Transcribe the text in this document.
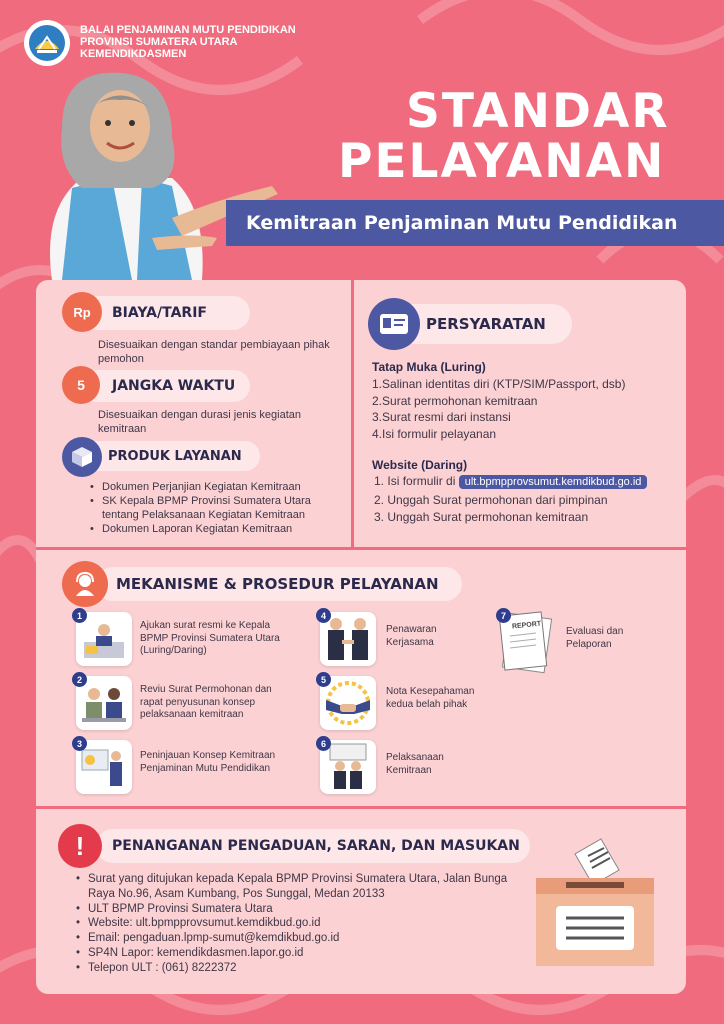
BALAI PENJAMINAN MUTU PENDIDIKAN
PROVINSI SUMATERA UTARA
KEMENDIKDASMEN
STANDAR
PELAYANAN
Kemitraan Penjaminan Mutu Pendidikan
BIAYA/TARIF
Rp
Disesuaikan dengan standar pembiayaan pihak pemohon
JANGKA WAKTU
5
Disesuaikan dengan durasi jenis kegiatan kemitraan
PRODUK LAYANAN
• Dokumen Perjanjian Kegiatan Kemitraan
• SK Kepala BPMP Provinsi Sumatera Utara tentang Pelaksanaan Kegiatan Kemitraan
• Dokumen Laporan Kegiatan Kemitraan
PERSYARATAN
Tatap Muka (Luring)
1.Salinan identitas diri (KTP/SIM/Passport, dsb)
2.Surat permohonan kemitraan
3.Surat resmi dari instansi
4.Isi formulir pelayanan
Website (Daring)
1. Isi formulir di ult.bpmpprovsumut.kemdikbud.go.id
2. Unggah Surat permohonan dari pimpinan
3. Unggah Surat permohonan kemitraan
MEKANISME & PROSEDUR PELAYANAN
1
Ajukan surat resmi ke Kepala BPMP Provinsi Sumatera Utara (Luring/Daring)
2
Reviu Surat Permohonan dan rapat penyusunan konsep pelaksanaan kemitraan
3
Peninjauan Konsep Kemitraan Penjaminan Mutu Pendidikan
4
Penawaran Kerjasama
5
Nota Kesepahaman kedua belah pihak
6
Pelaksanaan Kemitraan
REPORT
7
Evaluasi dan Pelaporan
PENANGANAN PENGADUAN, SARAN, DAN MASUKAN
!
• Surat yang ditujukan kepada Kepala BPMP Provinsi Sumatera Utara, Jalan Bunga Raya No.96, Asam Kumbang, Pos Sunggal, Medan 20133
• ULT BPMP Provinsi Sumatera Utara
• Website: ult.bpmpprovsumut.kemdikbud.go.id
• Email: pengaduan.lpmp-sumut@kemdikbud.go.id
• SP4N Lapor: kemendikdasmen.lapor.go.id
• Telepon ULT : (061) 8222372
